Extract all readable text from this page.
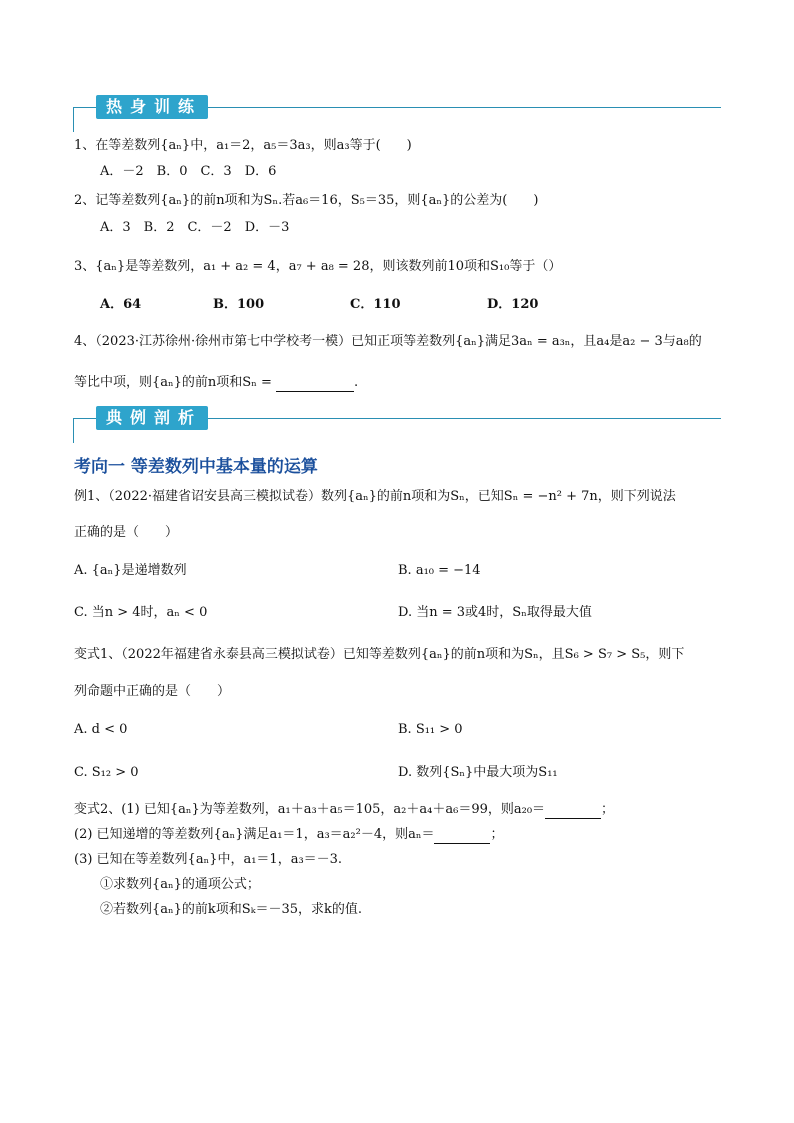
热身训练
1、在等差数列{aₙ}中，a₁＝2，a₅＝3a₃，则a₃等于(　　)
A．－2　B．0　C．3　D．6
2、记等差数列{aₙ}的前n项和为Sₙ.若a₆＝16，S₅＝35，则{aₙ}的公差为(　　)
A．3　B．2　C．－2　D．－3
3、{aₙ}是等差数列，a₁ + a₂ = 4，a₇ + a₈ = 28，则该数列前10项和S₁₀等于（）
A．64	B．100	C．110	D．120
4、（2023·江苏徐州·徐州市第七中学校考一模）已知正项等差数列{aₙ}满足3aₙ = a₃ₙ，且a₄是a₂ − 3与a₈的
等比中项，则{aₙ}的前n项和Sₙ =	.
典例剖析
考向一 等差数列中基本量的运算
例1、（2022·福建省诏安县高三模拟试卷）数列{aₙ}的前n项和为Sₙ，已知Sₙ = −n² + 7n，则下列说法
正确的是（　　）
A. {aₙ}是递增数列	B. a₁₀ = −14
C. 当n > 4时，aₙ < 0	D. 当n = 3或4时，Sₙ取得最大值
变式1、（2022年福建省永泰县高三模拟试卷）已知等差数列{aₙ}的前n项和为Sₙ，且S₆ > S₇ > S₅，则下
列命题中正确的是（　　）
A. d < 0	B. S₁₁ > 0
C. S₁₂ > 0	D. 数列{Sₙ}中最大项为S₁₁
变式2、(1) 已知{aₙ}为等差数列，a₁＋a₃＋a₅＝105，a₂＋a₄＋a₆＝99，则a₂₀＝	；
(2) 已知递增的等差数列{aₙ}满足a₁＝1，a₃＝a₂²－4，则aₙ＝	；
(3) 已知在等差数列{aₙ}中，a₁＝1，a₃＝－3.
①求数列{aₙ}的通项公式；
②若数列{aₙ}的前k项和Sₖ＝－35，求k的值.
